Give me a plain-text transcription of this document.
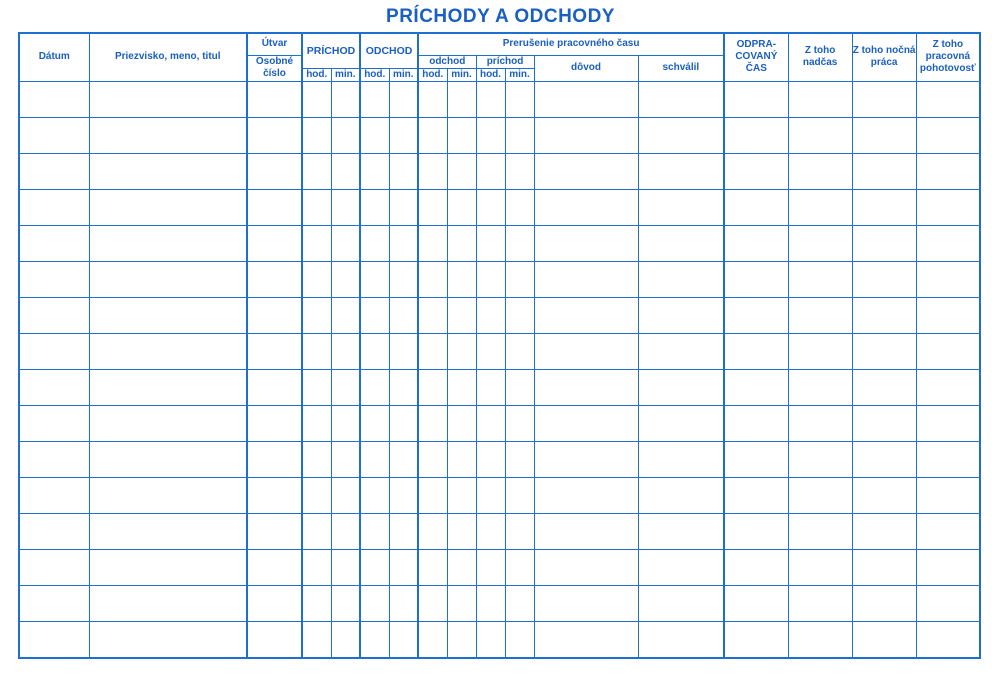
PRÍCHODY A ODCHODY
Dátum	Priezvisko, meno, titul	Útvar	PRÍCHOD		ODCHOD		Prerušenie pracovného času						ODPRA-COVANÝ ČAS	Z toho nadčas	Z toho nočná práca	Z toho pracovná pohotovosť
		Osobné číslo					odchod		príchod		dôvod	schválil				
			hod.	min.	hod.	min.	hod.	min.	hod.	min.						
